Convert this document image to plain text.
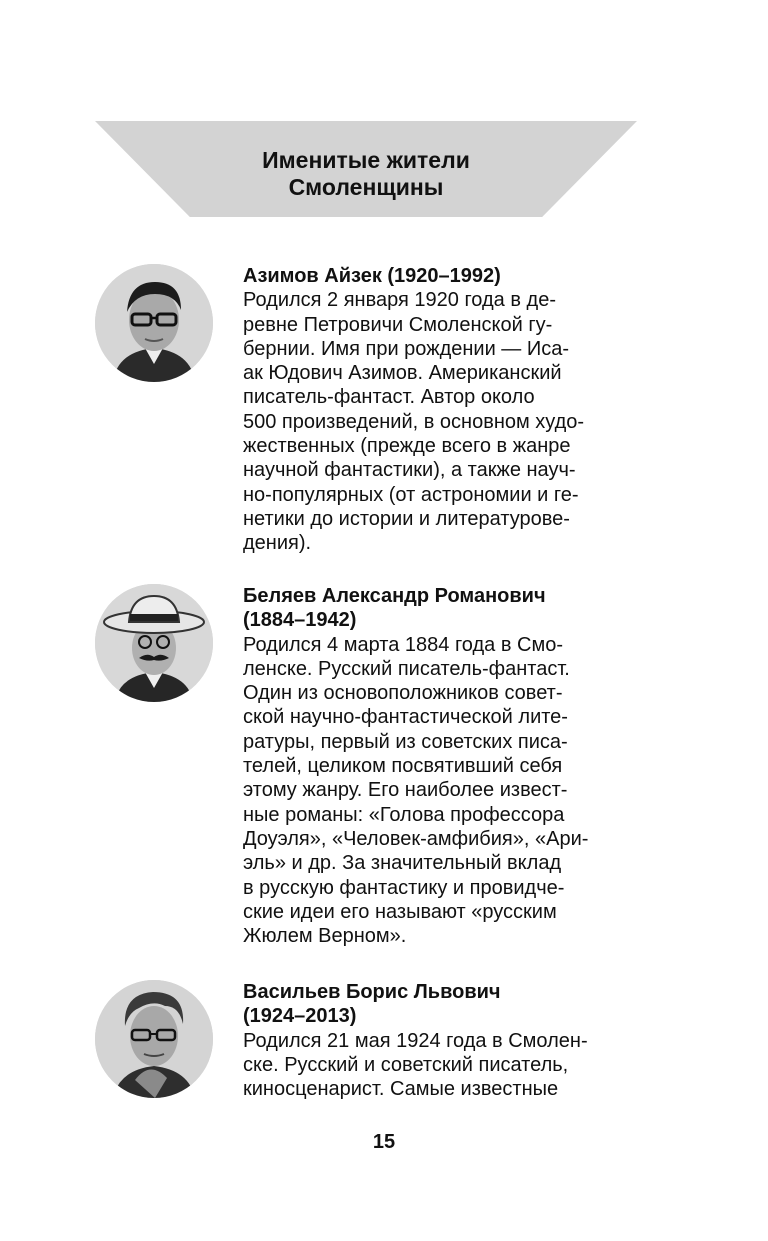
Именитые жители
Смоленщины
Азимов Айзек (1920–1992)
Родился 2 января 1920 года в де-
ревне Петровичи Смоленской гу-
бернии. Имя при рождении — Иса-
ак Юдович Азимов. Американский
писатель-фантаст. Автор около
500 произведений, в основном худо-
жественных (прежде всего в жанре
научной фантастики), а также науч-
но-популярных (от астрономии и ге-
нетики до истории и литературове-
дения).
Беляев Александр Романович
(1884–1942)
Родился 4 марта 1884 года в Смо-
ленске. Русский писатель-фантаст.
Один из основоположников совет-
ской научно-фантастической лите-
ратуры, первый из советских писа-
телей, целиком посвятивший себя
этому жанру. Его наиболее извест-
ные романы: «Голова профессора
Доуэля», «Человек-амфибия», «Ари-
эль» и др. За значительный вклад
в русскую фантастику и провидче-
ские идеи его называют «русским
Жюлем Верном».
Васильев Борис Львович
(1924–2013)
Родился 21 мая 1924 года в Смолен-
ске. Русский и советский писатель,
киносценарист. Самые известные
15
